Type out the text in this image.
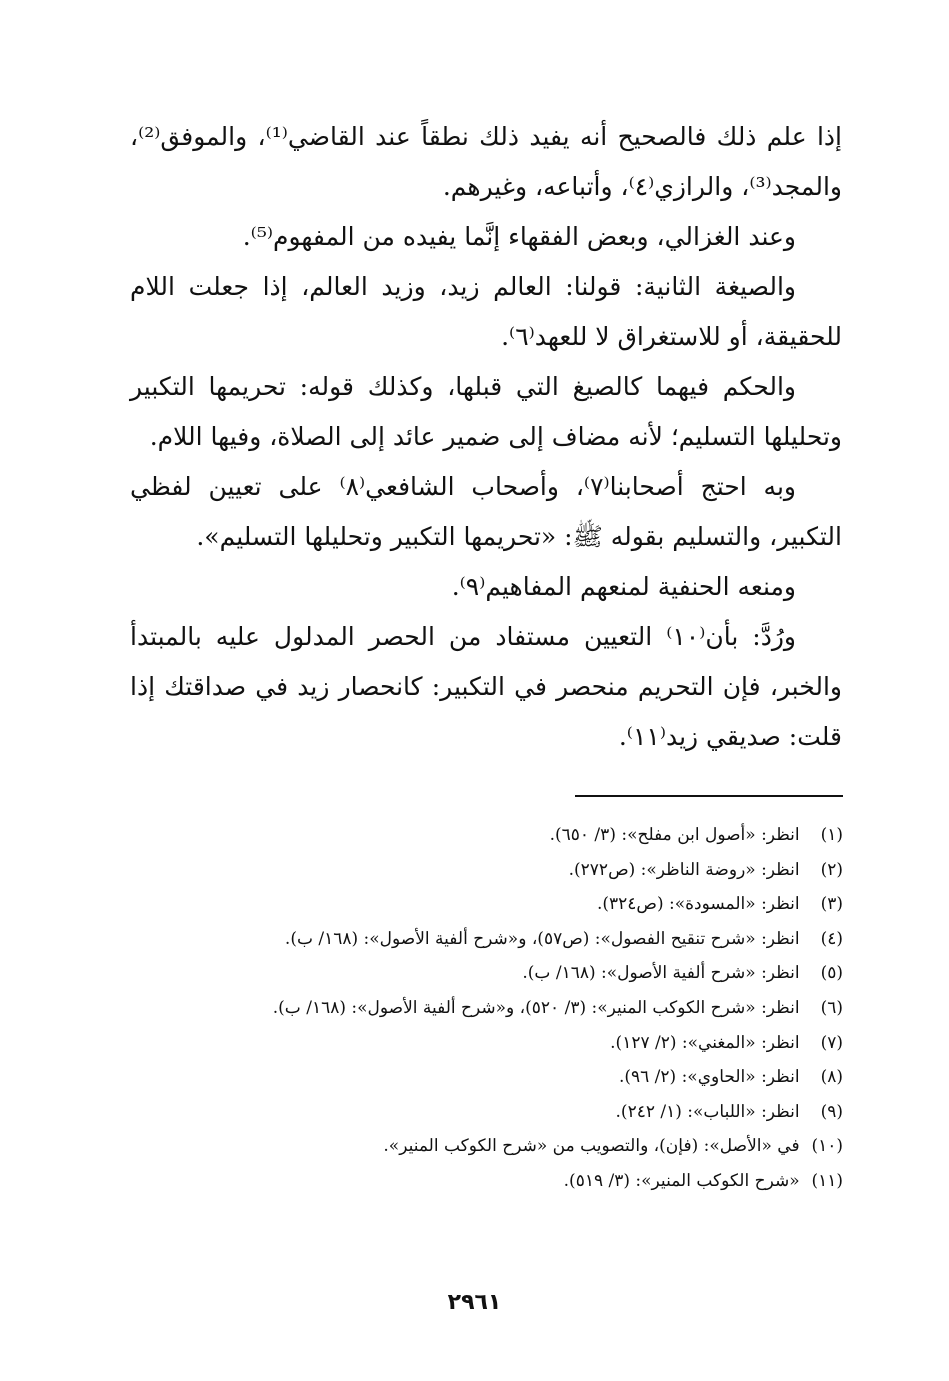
إذا علم ذلك فالصحيح أنه يفيد ذلك نطقاً عند القاضي⁽¹⁾، والموفق⁽²⁾، والمجد⁽³⁾، والرازي⁽٤⁾، وأتباعه، وغيرهم.

وعند الغزالي، وبعض الفقهاء إنَّما يفيده من المفهوم⁽⁵⁾.

والصيغة الثانية: قولنا: العالم زيد، وزيد العالم، إذا جعلت اللام للحقيقة، أو للاستغراق لا للعهد⁽٦⁾.

والحكم فيهما كالصيغ التي قبلها، وكذلك قوله: تحريمها التكبير وتحليلها التسليم؛ لأنه مضاف إلى ضمير عائد إلى الصلاة، وفيها اللام.

وبه احتج أصحابنا⁽٧⁾، وأصحاب الشافعي⁽٨⁾ على تعيين لفظي التكبير، والتسليم بقوله ﷺ: «تحريمها التكبير وتحليلها التسليم».

ومنعه الحنفية لمنعهم المفاهيم⁽٩⁾.

ورُدَّ: بأن⁽١٠⁾ التعيين مستفاد من الحصر المدلول عليه بالمبتدأ والخبر، فإن التحريم منحصر في التكبير: كانحصار زيد في صداقتك إذا قلت: صديقي زيد⁽١١⁾.

(١) انظر: «أصول ابن مفلح»: (٣/ ٦٥٠).
(٢) انظر: «روضة الناظر»: (ص٢٧٢).
(٣) انظر: «المسودة»: (ص٣٢٤).
(٤) انظر: «شرح تنقيح الفصول»: (ص٥٧)، و«شرح ألفية الأصول»: (١٦٨/ ب).
(٥) انظر: «شرح ألفية الأصول»: (١٦٨/ ب).
(٦) انظر: «شرح الكوكب المنير»: (٣/ ٥٢٠)، و«شرح ألفية الأصول»: (١٦٨/ ب).
(٧) انظر: «المغني»: (٢/ ١٢٧).
(٨) انظر: «الحاوي»: (٢/ ٩٦).
(٩) انظر: «اللباب»: (١/ ٢٤٢).
(١٠) في «الأصل»: (فإن)، والتصويب من «شرح الكوكب المنير».
(١١) «شرح الكوكب المنير»: (٣/ ٥١٩).
٢٩٦١
